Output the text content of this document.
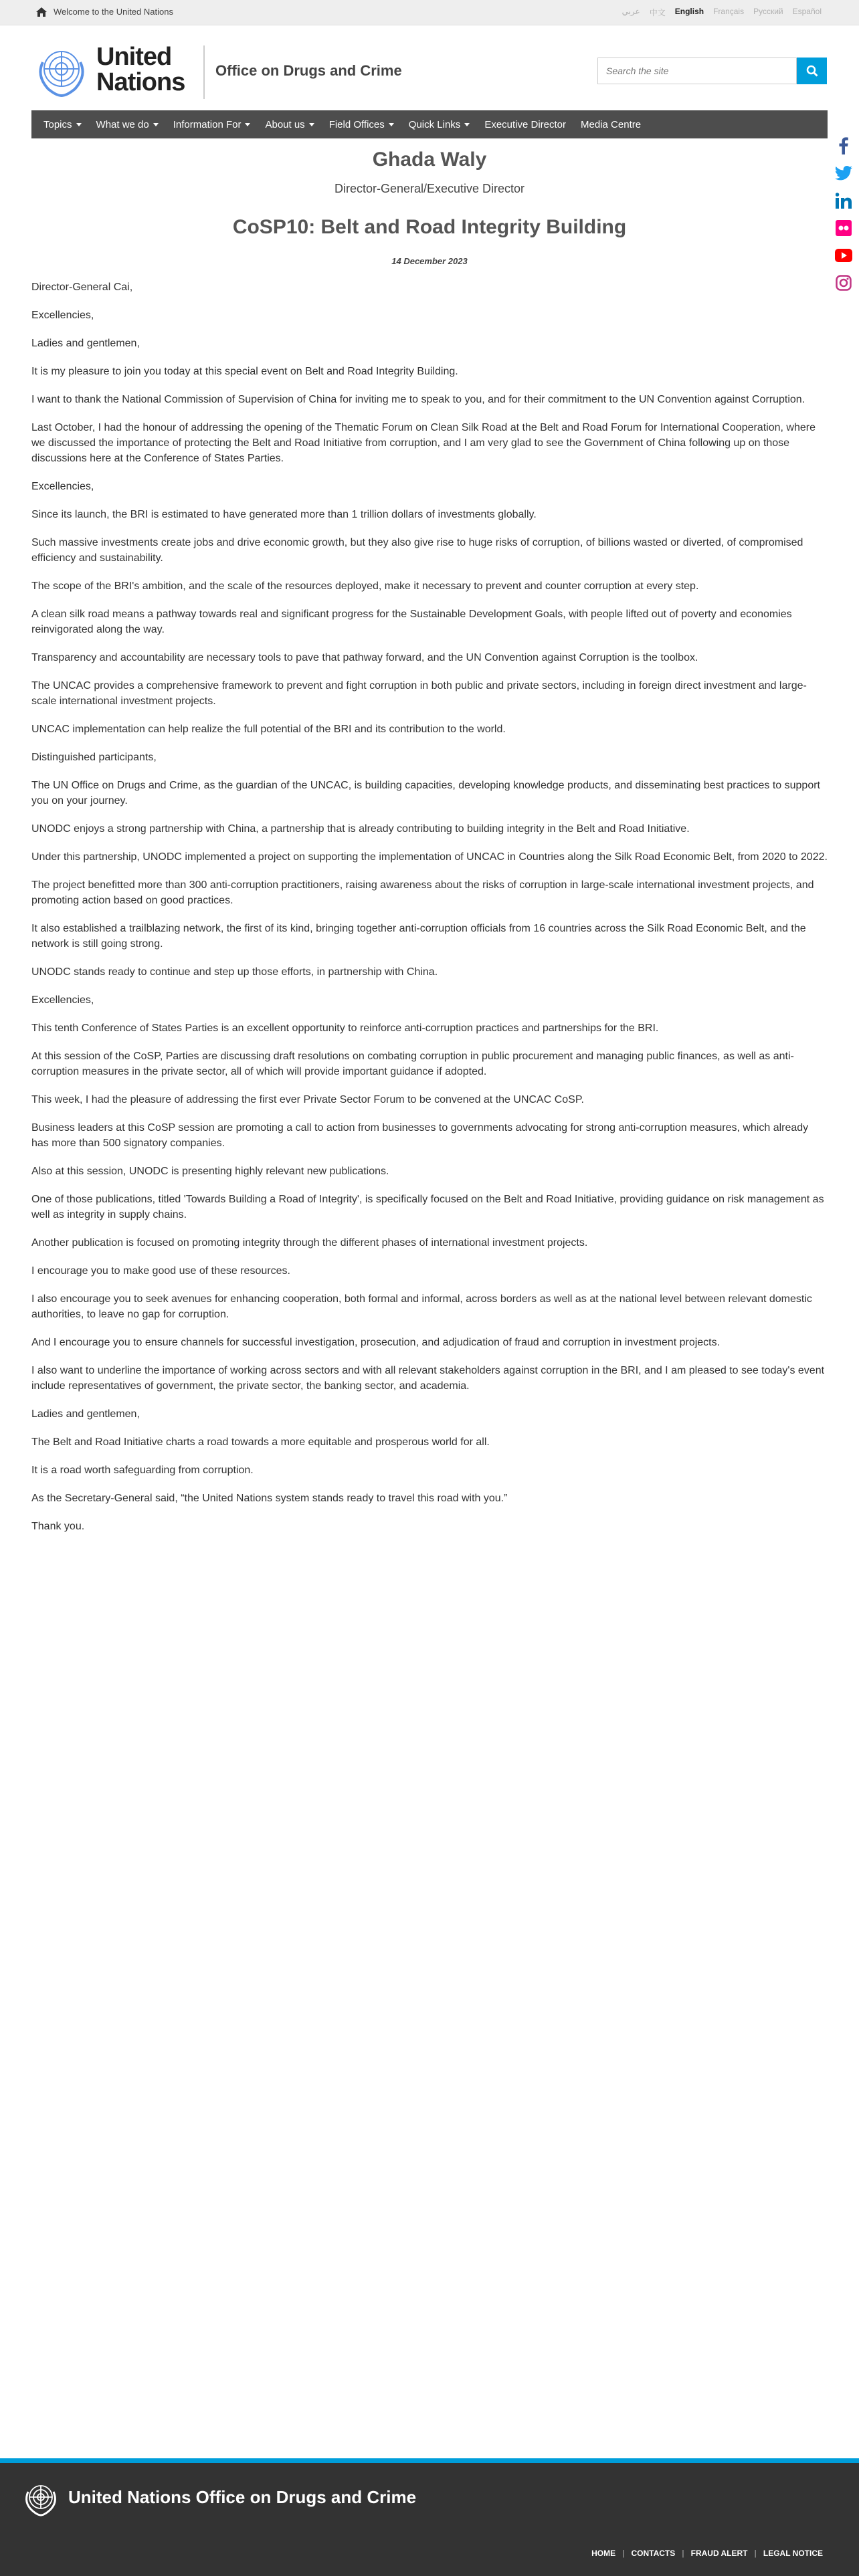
Welcome to the United Nations	عربي 中文 English Français Русский Español
United
Nations Office on Drugs and Crime
Search the site
Topics What we do Information For About us Field Offices Quick Links Executive Director Media Centre
Ghada Waly
Director-General/Executive Director
CoSP10: Belt and Road Integrity Building
14 December 2023

Director-General Cai,

Excellencies,

Ladies and gentlemen,

It is my pleasure to join you today at this special event on Belt and Road Integrity Building.

I want to thank the National Commission of Supervision of China for inviting me to speak to you, and for their commitment to the UN Convention against Corruption.

Last October, I had the honour of addressing the opening of the Thematic Forum on Clean Silk Road at the Belt and Road Forum for International Cooperation, where we discussed the importance of protecting the Belt and Road Initiative from corruption, and I am very glad to see the Government of China following up on those discussions here at the Conference of States Parties.

Excellencies,

Since its launch, the BRI is estimated to have generated more than 1 trillion dollars of investments globally.

Such massive investments create jobs and drive economic growth, but they also give rise to huge risks of corruption, of billions wasted or diverted, of compromised efficiency and sustainability.

The scope of the BRI's ambition, and the scale of the resources deployed, make it necessary to prevent and counter corruption at every step.

A clean silk road means a pathway towards real and significant progress for the Sustainable Development Goals, with people lifted out of poverty and economies reinvigorated along the way.

Transparency and accountability are necessary tools to pave that pathway forward, and the UN Convention against Corruption is the toolbox.

The UNCAC provides a comprehensive framework to prevent and fight corruption in both public and private sectors, including in foreign direct investment and large-scale international investment projects.

UNCAC implementation can help realize the full potential of the BRI and its contribution to the world.

Distinguished participants,

The UN Office on Drugs and Crime, as the guardian of the UNCAC, is building capacities, developing knowledge products, and disseminating best practices to support you on your journey.

UNODC enjoys a strong partnership with China, a partnership that is already contributing to building integrity in the Belt and Road Initiative.

Under this partnership, UNODC implemented a project on supporting the implementation of UNCAC in Countries along the Silk Road Economic Belt, from 2020 to 2022.

The project benefitted more than 300 anti-corruption practitioners, raising awareness about the risks of corruption in large-scale international investment projects, and promoting action based on good practices.

It also established a trailblazing network, the first of its kind, bringing together anti-corruption officials from 16 countries across the Silk Road Economic Belt, and the network is still going strong.

UNODC stands ready to continue and step up those efforts, in partnership with China.

Excellencies,

This tenth Conference of States Parties is an excellent opportunity to reinforce anti-corruption practices and partnerships for the BRI.

At this session of the CoSP, Parties are discussing draft resolutions on combating corruption in public procurement and managing public finances, as well as anti-corruption measures in the private sector, all of which will provide important guidance if adopted.

This week, I had the pleasure of addressing the first ever Private Sector Forum to be convened at the UNCAC CoSP.

Business leaders at this CoSP session are promoting a call to action from businesses to governments advocating for strong anti-corruption measures, which already has more than 500 signatory companies.

Also at this session, UNODC is presenting highly relevant new publications.

One of those publications, titled 'Towards Building a Road of Integrity', is specifically focused on the Belt and Road Initiative, providing guidance on risk management as well as integrity in supply chains.

Another publication is focused on promoting integrity through the different phases of international investment projects.

I encourage you to make good use of these resources.

I also encourage you to seek avenues for enhancing cooperation, both formal and informal, across borders as well as at the national level between relevant domestic authorities, to leave no gap for corruption.

And I encourage you to ensure channels for successful investigation, prosecution, and adjudication of fraud and corruption in investment projects.

I also want to underline the importance of working across sectors and with all relevant stakeholders against corruption in the BRI, and I am pleased to see today's event include representatives of government, the private sector, the banking sector, and academia.

Ladies and gentlemen,

The Belt and Road Initiative charts a road towards a more equitable and prosperous world for all.

It is a road worth safeguarding from corruption.

As the Secretary-General said, “the United Nations system stands ready to travel this road with you.”

Thank you.

United Nations Office on Drugs and Crime
HOME | CONTACTS | FRAUD ALERT | LEGAL NOTICE
